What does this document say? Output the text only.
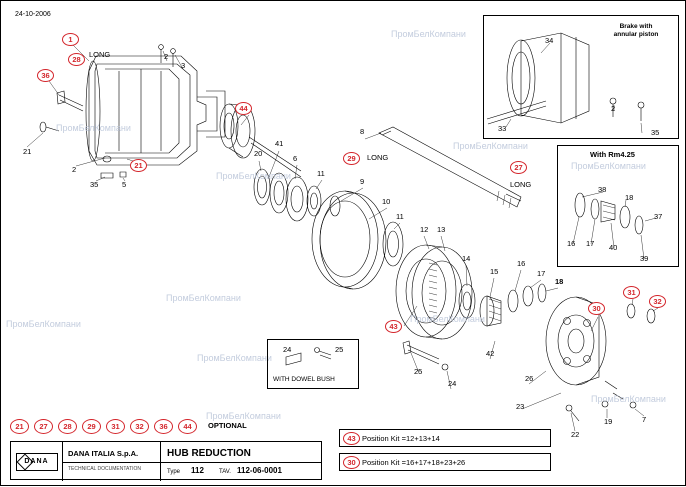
24-10-2006
ПромБелКомпани
ПромБелКомпани
ПромБелКомпани
ПромБелКомпани
ПромБелКомпани
ПромБелКомпани
ПромБелКомпани
ПромБелКомпани
ПромБелКомпани
ПромБелКомпани
ПромБелКомпани
Brake with
annular piston
With Rm4.25
WITH DOWEL BUSH
1
28
36
LONG
21
2
35	5
21
2
3
44
41
20
6
11
9
8
29	LONG
27
LONG
10
11
12 13
14
15
16
17
18
30
31
32
43
42
25
24
26
23
22
19	7
34
33
2
35
38
18
37
16 17 40
39
24	25
21	27	28	29	31	32	36	44	OPTIONAL
Position Kit =12+13+14
43
Position Kit =16+17+18+23+26
30
DANA
DANA ITALIA S.p.A.
TECHNICAL DOCUMENTATION
HUB REDUCTION
Type 112	TAV. 112-06-0001
